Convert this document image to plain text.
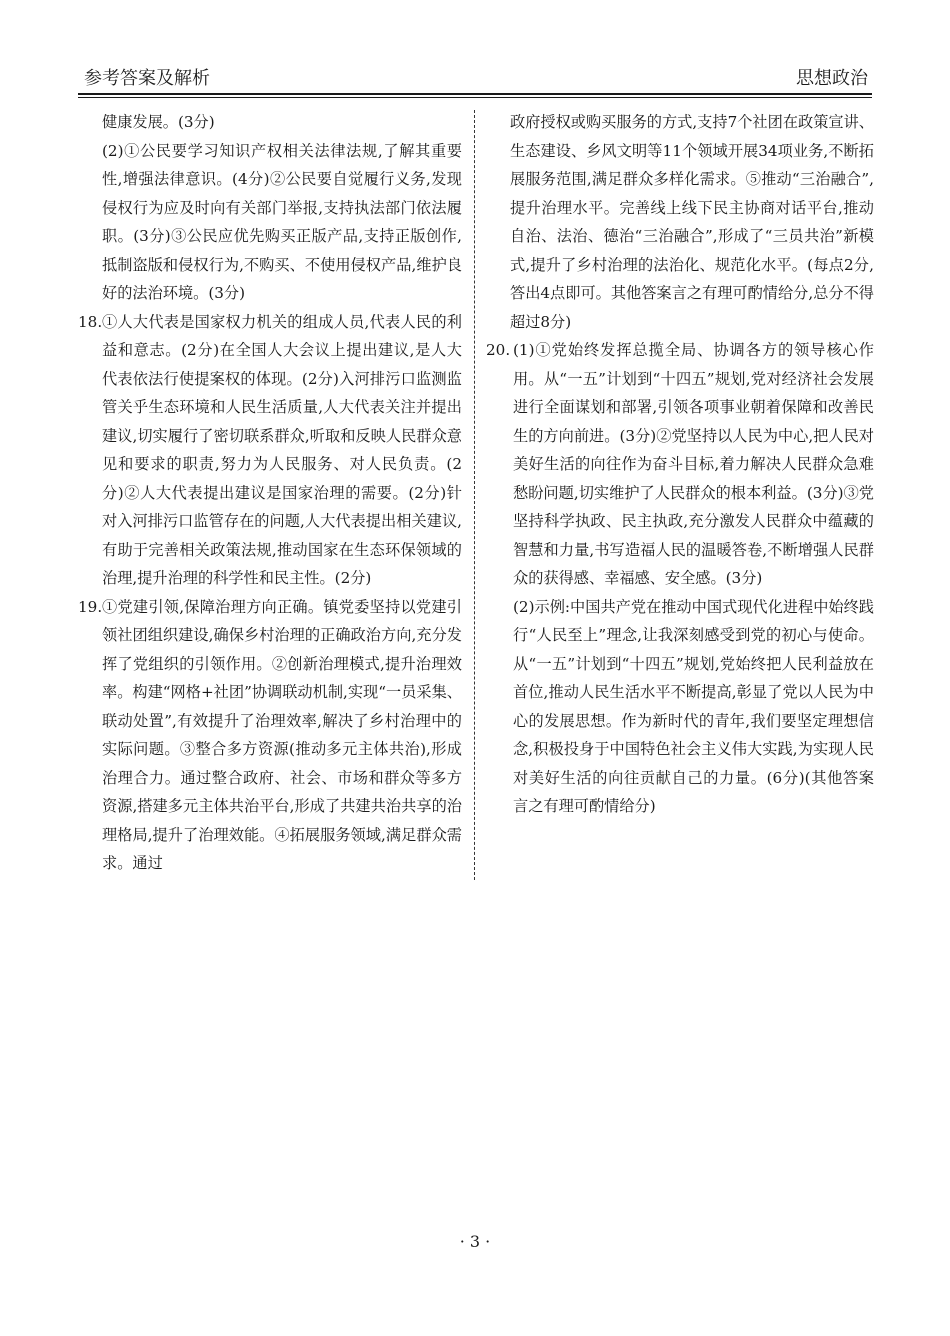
参考答案及解析	思想政治

健康发展。(3分)

(2)①公民要学习知识产权相关法律法规,了解其重要性,增强法律意识。(4分)②公民要自觉履行义务,发现侵权行为应及时向有关部门举报,支持执法部门依法履职。(3分)③公民应优先购买正版产品,支持正版创作,抵制盗版和侵权行为,不购买、不使用侵权产品,维护良好的法治环境。(3分)

18. ①人大代表是国家权力机关的组成人员,代表人民的利益和意志。(2分)在全国人大会议上提出建议,是人大代表依法行使提案权的体现。(2分)入河排污口监测监管关乎生态环境和人民生活质量,人大代表关注并提出建议,切实履行了密切联系群众,听取和反映人民群众意见和要求的职责,努力为人民服务、对人民负责。(2分)②人大代表提出建议是国家治理的需要。(2分)针对入河排污口监管存在的问题,人大代表提出相关建议,有助于完善相关政策法规,推动国家在生态环保领域的治理,提升治理的科学性和民主性。(2分)
19. ①党建引领,保障治理方向正确。镇党委坚持以党建引领社团组织建设,确保乡村治理的正确政治方向,充分发挥了党组织的引领作用。②创新治理模式,提升治理效率。构建“网格+社团”协调联动机制,实现“一员采集、联动处置”,有效提升了治理效率,解决了乡村治理中的实际问题。③整合多方资源(推动多元主体共治),形成治理合力。通过整合政府、社会、市场和群众等多方资源,搭建多元主体共治平台,形成了共建共治共享的治理格局,提升了治理效能。④拓展服务领域,满足群众需求。通过

政府授权或购买服务的方式,支持7个社团在政策宣讲、生态建设、乡风文明等11个领域开展34项业务,不断拓展服务范围,满足群众多样化需求。⑤推动“三治融合”,提升治理水平。完善线上线下民主协商对话平台,推动自治、法治、德治“三治融合”,形成了“三员共治”新模式,提升了乡村治理的法治化、规范化水平。(每点2分,答出4点即可。其他答案言之有理可酌情给分,总分不得超过8分)

20. (1)①党始终发挥总揽全局、协调各方的领导核心作用。从“一五”计划到“十四五”规划,党对经济社会发展进行全面谋划和部署,引领各项事业朝着保障和改善民生的方向前进。(3分)②党坚持以人民为中心,把人民对美好生活的向往作为奋斗目标,着力解决人民群众急难愁盼问题,切实维护了人民群众的根本利益。(3分)③党坚持科学执政、民主执政,充分激发人民群众中蕴藏的智慧和力量,书写造福人民的温暖答卷,不断增强人民群众的获得感、幸福感、安全感。(3分)

(2)示例:中国共产党在推动中国式现代化进程中始终践行“人民至上”理念,让我深刻感受到党的初心与使命。从“一五”计划到“十四五”规划,党始终把人民利益放在首位,推动人民生活水平不断提高,彰显了党以人民为中心的发展思想。作为新时代的青年,我们要坚定理想信念,积极投身于中国特色社会主义伟大实践,为实现人民对美好生活的向往贡献自己的力量。(6分)(其他答案言之有理可酌情给分)

· 3 ·
